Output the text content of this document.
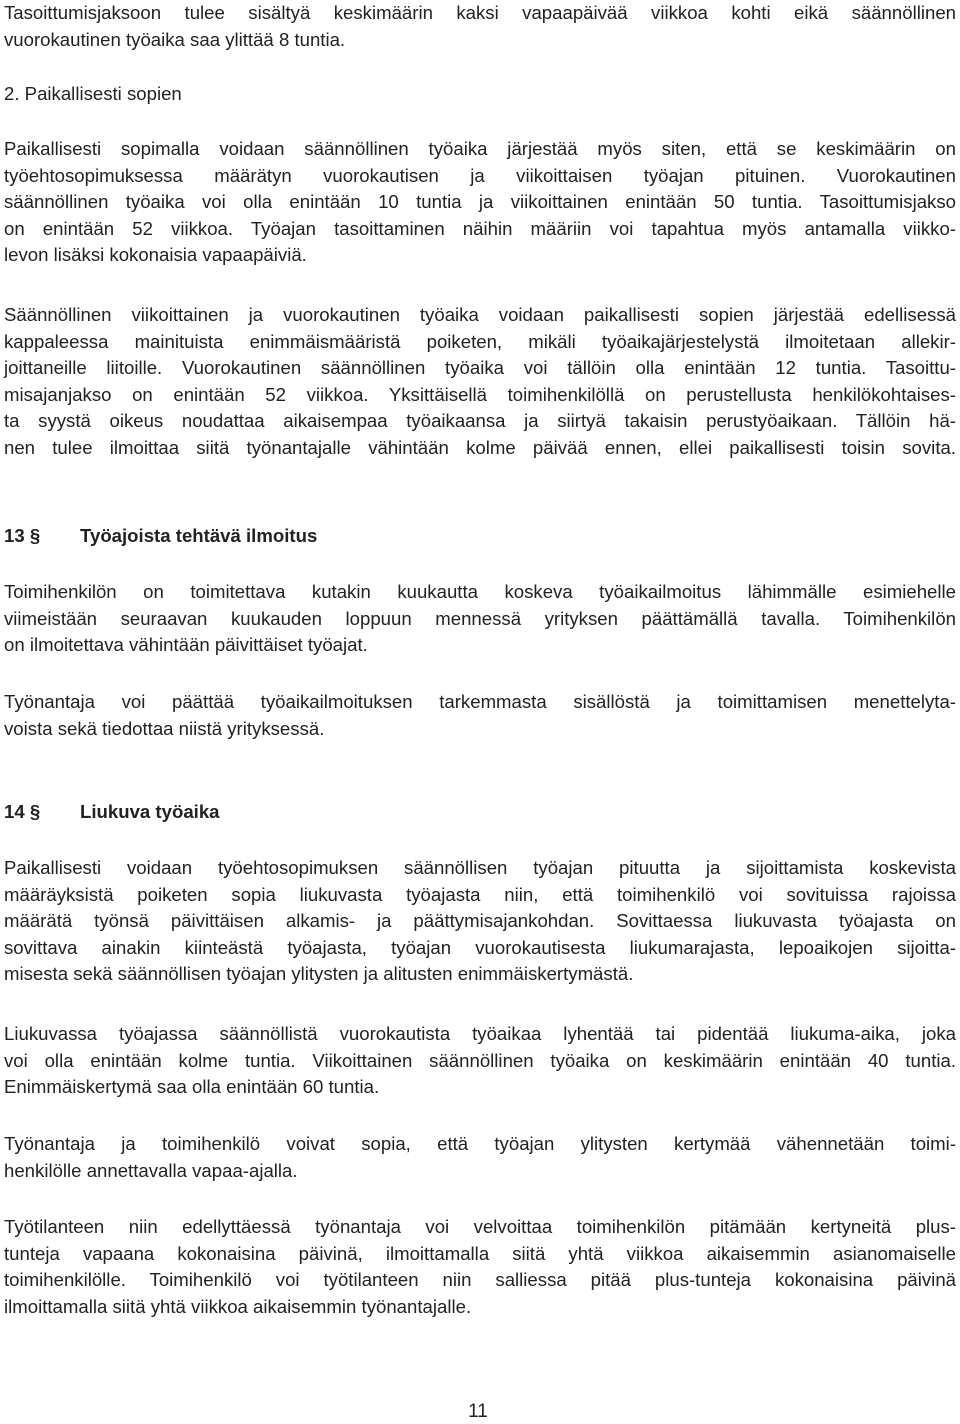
Tasoittumisjaksoon tulee sisältyä keskimäärin kaksi vapaapäivää viikkoa kohti eikä säännöllinen
vuorokautinen työaika saa ylittää 8 tuntia.

2. Paikallisesti sopien

Paikallisesti sopimalla voidaan säännöllinen työaika järjestää myös siten, että se keskimäärin on
työehtosopimuksessa määrätyn vuorokautisen ja viikoittaisen työajan pituinen. Vuorokautinen
säännöllinen työaika voi olla enintään 10 tuntia ja viikoittainen enintään 50 tuntia. Tasoittumisjakso
on enintään 52 viikkoa. Työajan tasoittaminen näihin määriin voi tapahtua myös antamalla viikko-
levon lisäksi kokonaisia vapaapäiviä.

Säännöllinen viikoittainen ja vuorokautinen työaika voidaan paikallisesti sopien järjestää edellisessä
kappaleessa mainituista enimmäismääristä poiketen, mikäli työaikajärjestelystä ilmoitetaan allekir-
joittaneille liitoille. Vuorokautinen säännöllinen työaika voi tällöin olla enintään 12 tuntia. Tasoittu-
misajanjakso on enintään 52 viikkoa. Yksittäisellä toimihenkilöllä on perustellusta henkilökohtaises-
ta syystä oikeus noudattaa aikaisempaa työaikaansa ja siirtyä takaisin perustyöaikaan. Tällöin hä-
nen tulee ilmoittaa siitä työnantajalle vähintään kolme päivää ennen, ellei paikallisesti toisin sovita.

13 § Työajoista tehtävä ilmoitus

Toimihenkilön on toimitettava kutakin kuukautta koskeva työaikailmoitus lähimmälle esimiehelle
viimeistään seuraavan kuukauden loppuun mennessä yrityksen päättämällä tavalla. Toimihenkilön
on ilmoitettava vähintään päivittäiset työajat.

Työnantaja voi päättää työaikailmoituksen tarkemmasta sisällöstä ja toimittamisen menettelyta-
voista sekä tiedottaa niistä yrityksessä.

14 § Liukuva työaika

Paikallisesti voidaan työehtosopimuksen säännöllisen työajan pituutta ja sijoittamista koskevista
määräyksistä poiketen sopia liukuvasta työajasta niin, että toimihenkilö voi sovituissa rajoissa
määrätä työnsä päivittäisen alkamis- ja päättymisajankohdan. Sovittaessa liukuvasta työajasta on
sovittava ainakin kiinteästä työajasta, työajan vuorokautisesta liukumarajasta, lepoaikojen sijoitta-
misesta sekä säännöllisen työajan ylitysten ja alitusten enimmäiskertymästä.

Liukuvassa työajassa säännöllistä vuorokautista työaikaa lyhentää tai pidentää liukuma-aika, joka
voi olla enintään kolme tuntia. Viikoittainen säännöllinen työaika on keskimäärin enintään 40 tuntia.
Enimmäiskertymä saa olla enintään 60 tuntia.

Työnantaja ja toimihenkilö voivat sopia, että työajan ylitysten kertymää vähennetään toimi-
henkilölle annettavalla vapaa-ajalla.

Työtilanteen niin edellyttäessä työnantaja voi velvoittaa toimihenkilön pitämään kertyneitä plus-
tunteja vapaana kokonaisina päivinä, ilmoittamalla siitä yhtä viikkoa aikaisemmin asianomaiselle
toimihenkilölle. Toimihenkilö voi työtilanteen niin salliessa pitää plus-tunteja kokonaisina päivinä
ilmoittamalla siitä yhtä viikkoa aikaisemmin työnantajalle.

11
